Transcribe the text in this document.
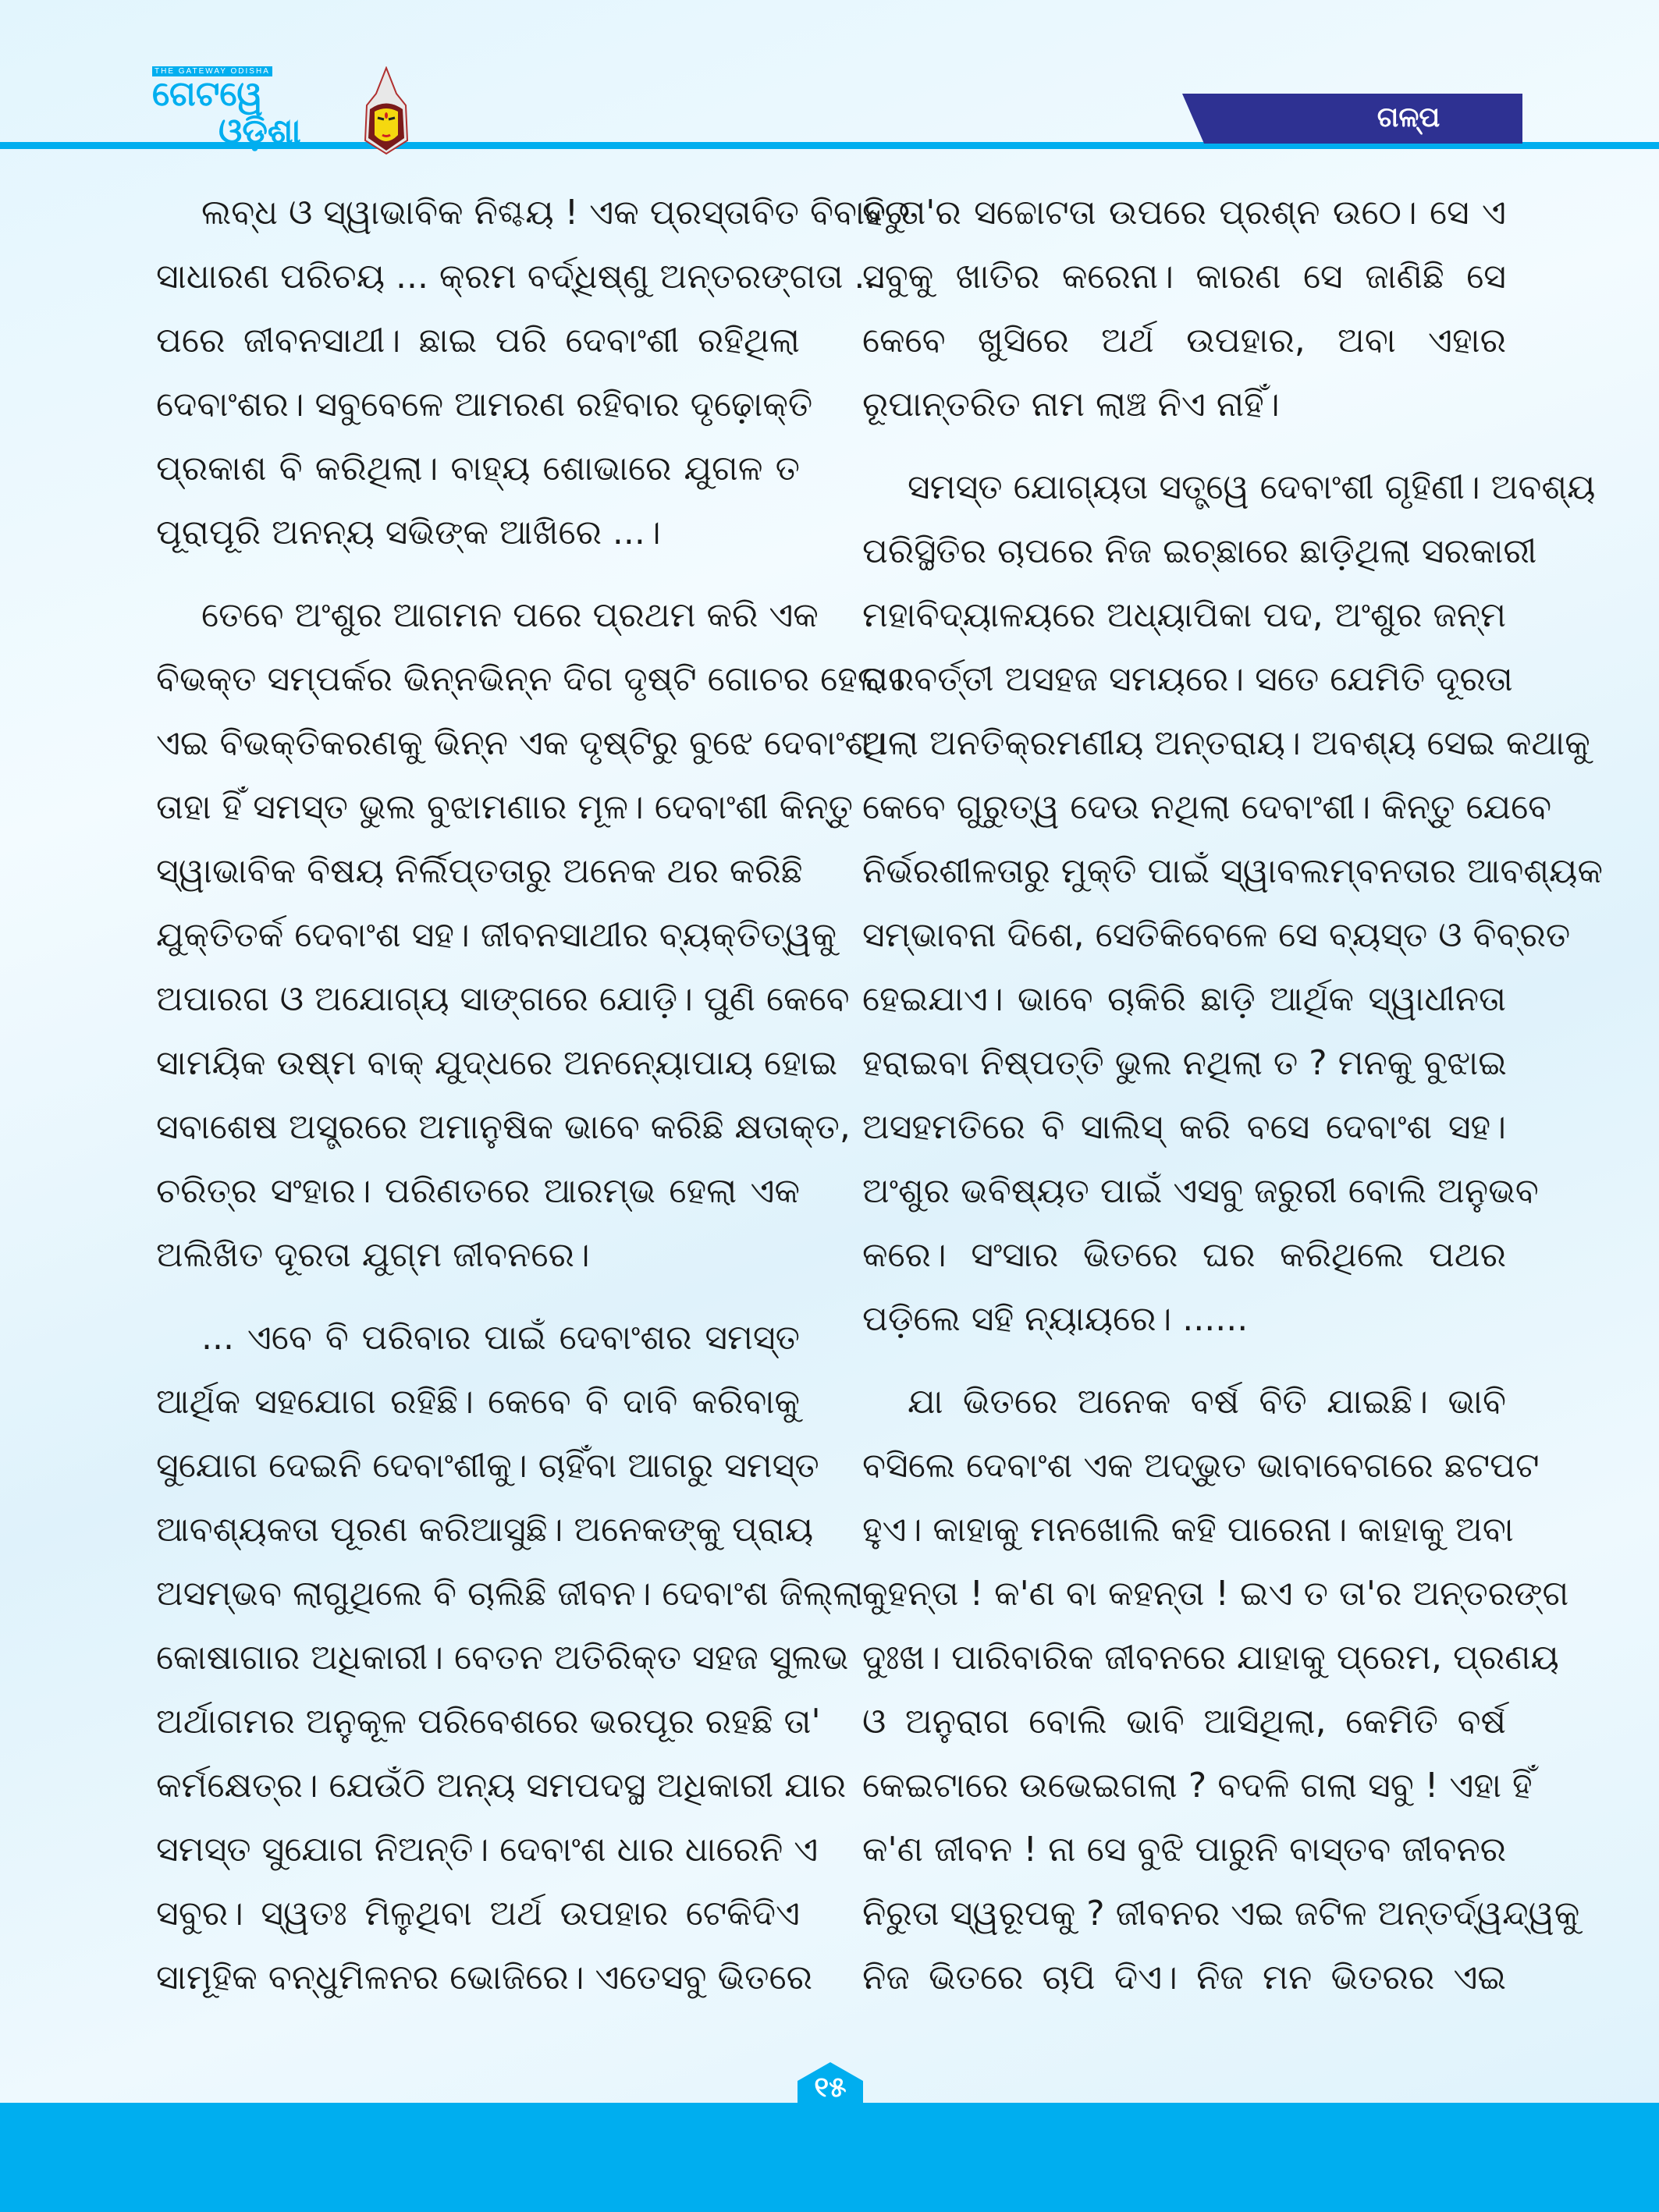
THE GATEWAY ODISHA
ଗେଟୱେ
ଓଡ଼ିଶା	ଗଳ୍ପ
ଲବ୍ଧ ଓ ସ୍ୱାଭାବିକ ନିଶ୍ଚୟ ! ଏକ ପ୍ରସ୍ତାବିତ ବିବାହରୁ
ସାଧାରଣ ପରିଚୟ ... କ୍ରମ ବର୍ଦ୍ଧିଷ୍ଣୁ ଅନ୍ତରଙ୍ଗତା ...
ପରେ ଜୀବନସାଥୀ। ଛାଇ ପରି ଦେବାଂଶୀ ରହିଥିଲା
ଦେବାଂଶର। ସବୁବେଳେ ଆମରଣ ରହିବାର ଦୃଢ଼ୋକ୍ତି
ପ୍ରକାଶ ବି କରିଥିଲା। ବାହ୍ୟ ଶୋଭାରେ ଯୁଗଳ ତ
ପୂରାପୂରି ଅନନ୍ୟ ସଭିଙ୍କ ଆଖିରେ ...।
ତେବେ ଅଂଶୁର ଆଗମନ ପରେ ପ୍ରଥମ କରି ଏକ
ବିଭକ୍ତ ସମ୍ପର୍କର ଭିନ୍ନଭିନ୍ନ ଦିଗ ଦୃଷ୍ଟି ଗୋଚର ହେଲା।
ଏଇ ବିଭକ୍ତିକରଣକୁ ଭିନ୍ନ ଏକ ଦୃଷ୍ଟିରୁ ବୁଝେ ଦେବାଂଶ।
ତାହା ହିଁ ସମସ୍ତ ଭୁଲ ବୁଝାମଣାର ମୂଳ। ଦେବାଂଶୀ କିନ୍ତୁ
ସ୍ୱାଭାବିକ ବିଷୟ ନିର୍ଲିପ୍ତତାରୁ ଅନେକ ଥର କରିଛି
ଯୁକ୍ତିତର୍କ ଦେବାଂଶ ସହ। ଜୀବନସାଥୀର ବ୍ୟକ୍ତିତ୍ୱକୁ
ଅପାରଗ ଓ ଅଯୋଗ୍ୟ ସାଙ୍ଗରେ ଯୋଡ଼ି। ପୁଣି କେବେ
ସାମୟିକ ଉଷ୍ମ ବାକ୍ ଯୁଦ୍ଧରେ ଅନନ୍ୟୋପାୟ ହୋଇ
ସବାଶେଷ ଅସ୍ତ୍ରରେ ଅମାନୁଷିକ ଭାବେ କରିଛି କ୍ଷତାକ୍ତ,
ଚରିତ୍ର ସଂହାର। ପରିଣତରେ ଆରମ୍ଭ ହେଲା ଏକ
ଅଲିଖିତ ଦୂରତା ଯୁଗ୍ମ ଜୀବନରେ।
... ଏବେ ବି ପରିବାର ପାଇଁ ଦେବାଂଶର ସମସ୍ତ
ଆର୍ଥିକ ସହଯୋଗ ରହିଛି। କେବେ ବି ଦାବି କରିବାକୁ
ସୁଯୋଗ ଦେଇନି ଦେବାଂଶୀକୁ। ଚାହିଁବା ଆଗରୁ ସମସ୍ତ
ଆବଶ୍ୟକତା ପୂରଣ କରିଆସୁଛି। ଅନେକଙ୍କୁ ପ୍ରାୟ
ଅସମ୍ଭବ ଲାଗୁଥିଲେ ବି ଚାଲିଛି ଜୀବନ। ଦେବାଂଶ ଜିଲ୍ଲା
କୋଷାଗାର ଅଧିକାରୀ। ବେତନ ଅତିରିକ୍ତ ସହଜ ସୁଲଭ
ଅର୍ଥାଗମର ଅନୁକୂଳ ପରିବେଶରେ ଭରପୂର ରହଛି ତା'
କର୍ମକ୍ଷେତ୍ର। ଯେଉଁଠି ଅନ୍ୟ ସମପଦସ୍ଥ ଅଧିକାରୀ ଯାର
ସମସ୍ତ ସୁଯୋଗ ନିଅନ୍ତି। ଦେବାଂଶ ଧାର ଧାରେନି ଏ
ସବୁର। ସ୍ୱତଃ ମିଳୁଥିବା ଅର୍ଥ ଉପହାର ଟେକିଦିଏ
ସାମୂହିକ ବନ୍ଧୁମିଳନର ଭୋଜିରେ। ଏତେସବୁ ଭିତରେ
ବି ତା'ର ସଚ୍ଚୋଟତା ଉପରେ ପ୍ରଶ୍ନ ଉଠେ। ସେ ଏ
ସବୁକୁ ଖାତିର କରେନା। କାରଣ ସେ ଜାଣିଛି ସେ
କେବେ ଖୁସିରେ ଅର୍ଥ ଉପହାର, ଅବା ଏହାର
ରୂପାନ୍ତରିତ ନାମ ଲାଞ୍ଚ ନିଏ ନାହିଁ।
ସମସ୍ତ ଯୋଗ୍ୟତା ସତ୍ତ୍ୱେ ଦେବାଂଶୀ ଗୃହିଣୀ। ଅବଶ୍ୟ
ପରିସ୍ଥିତିର ଚାପରେ ନିଜ ଇଚ୍ଛାରେ ଛାଡ଼ିଥିଲା ସରକାରୀ
ମହାବିଦ୍ୟାଳୟରେ ଅଧ୍ୟାପିକା ପଦ, ଅଂଶୁର ଜନ୍ମ
ପରବର୍ତ୍ତୀ ଅସହଜ ସମୟରେ। ସତେ ଯେମିତି ଦୂରତା
ଥିଲା ଅନତିକ୍ରମଣୀୟ ଅନ୍ତରାୟ। ଅବଶ୍ୟ ସେଇ କଥାକୁ
କେବେ ଗୁରୁତ୍ୱ ଦେଉ ନଥିଲା ଦେବାଂଶୀ। କିନ୍ତୁ ଯେବେ
ନିର୍ଭରଶୀଳତାରୁ ମୁକ୍ତି ପାଇଁ ସ୍ୱାବଲମ୍ବନତାର ଆବଶ୍ୟକ
ସମ୍ଭାବନା ଦିଶେ, ସେତିକିବେଳେ ସେ ବ୍ୟସ୍ତ ଓ ବିବ୍ରତ
ହେଇଯାଏ। ଭାବେ ଚାକିରି ଛାଡ଼ି ଆର୍ଥିକ ସ୍ୱାଧୀନତା
ହରାଇବା ନିଷ୍ପତ୍ତି ଭୁଲ ନଥିଲା ତ ? ମନକୁ ବୁଝାଇ
ଅସହମତିରେ ବି ସାଲିସ୍ କରି ବସେ ଦେବାଂଶ ସହ।
ଅଂଶୁର ଭବିଷ୍ୟତ ପାଇଁ ଏସବୁ ଜରୁରୀ ବୋଲି ଅନୁଭବ
କରେ। ସଂସାର ଭିତରେ ଘର କରିଥିଲେ ପଥର
ପଡ଼ିଲେ ସହି ନ୍ୟାୟରେ। ......
ଯା ଭିତରେ ଅନେକ ବର୍ଷ ବିତି ଯାଇଛି। ଭାବି
ବସିଲେ ଦେବାଂଶ ଏକ ଅଦ୍ଭୁତ ଭାବାବେଗରେ ଛଟପଟ
ହୁଏ। କାହାକୁ ମନଖୋଲି କହି ପାରେନା। କାହାକୁ ଅବା
କୁହନ୍ତା ! କ'ଣ ବା କହନ୍ତା ! ଇଏ ତ ତା'ର ଅନ୍ତରଙ୍ଗ
ଦୁଃଖ। ପାରିବାରିକ ଜୀବନରେ ଯାହାକୁ ପ୍ରେମ, ପ୍ରଣୟ
ଓ ଅନୁରାଗ ବୋଲି ଭାବି ଆସିଥିଲା, କେମିତି ବର୍ଷ
କେଇଟାରେ ଉଭେଇଗଲା ? ବଦଳି ଗଲା ସବୁ ! ଏହା ହିଁ
କ'ଣ ଜୀବନ ! ନା ସେ ବୁଝି ପାରୁନି ବାସ୍ତବ ଜୀବନର
ନିରୁତା ସ୍ୱରୂପକୁ ? ଜୀବନର ଏଇ ଜଟିଳ ଅନ୍ତର୍ଦ୍ୱନ୍ଦ୍ୱକୁ
ନିଜ ଭିତରେ ଚାପି ଦିଏ। ନିଜ ମନ ଭିତରର ଏଇ
୧୫
